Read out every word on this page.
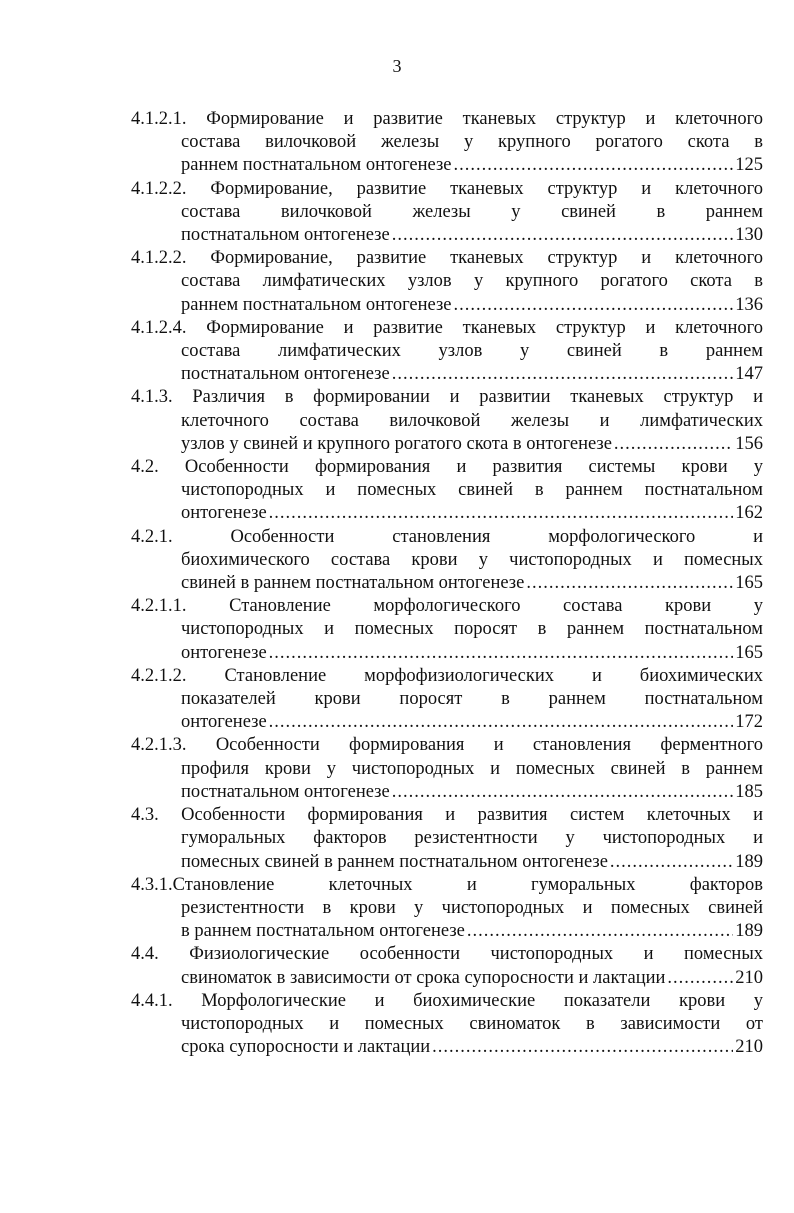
3
4.1.2.1. Формирование и развитие тканевых структур и клеточного
состава вилочковой железы у крупного рогатого скота в
раннем постнатальном онтогенезе .....	125
4.1.2.2. Формирование, развитие тканевых структур и клеточного
состава вилочковой железы у свиней в раннем
постнатальном онтогенезе .....	130
4.1.2.2. Формирование, развитие тканевых структур и клеточного
состава лимфатических узлов у крупного рогатого скота в
раннем постнатальном онтогенезе .....	136
4.1.2.4. Формирование и развитие тканевых структур и клеточного
состава лимфатических узлов у свиней в раннем
постнатальном онтогенезе .....	147
4.1.3. Различия в формировании и развитии тканевых структур и
клеточного состава вилочковой железы и лимфатических
узлов у свиней и крупного рогатого скота в онтогенезе .....	156
4.2. Особенности формирования и развития системы крови у
чистопородных и помесных свиней в раннем постнатальном
онтогенезе .....	162
4.2.1. Особенности становления морфологического и
биохимического состава крови у чистопородных и помесных
свиней в раннем постнатальном онтогенезе .....	165
4.2.1.1. Становление морфологического состава крови у
чистопородных и помесных поросят в раннем постнатальном
онтогенезе .....	165
4.2.1.2. Становление морфофизиологических и биохимических
показателей крови поросят в раннем постнатальном
онтогенезе .....	172
4.2.1.3. Особенности формирования и становления ферментного
профиля крови у чистопородных и помесных свиней в раннем
постнатальном онтогенезе .....	185
4.3. Особенности формирования и развития систем клеточных и
гуморальных факторов резистентности у чистопородных и
помесных свиней в раннем постнатальном онтогенезе .....	189
4.3.1.Становление клеточных и гуморальных факторов
резистентности в крови у чистопородных и помесных свиней
в раннем постнатальном онтогенезе .....	189
4.4. Физиологические особенности чистопородных и помесных
свиноматок в зависимости от срока супоросности и лактации .....	210
4.4.1. Морфологические и биохимические показатели крови у
чистопородных и помесных свиноматок в зависимости от
срока супоросности и лактации .....	210
